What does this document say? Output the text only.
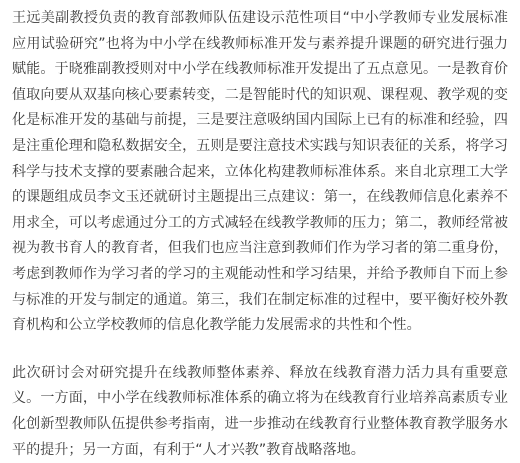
王远美副教授负责的教育部教师队伍建设示范性项目“中小学教师专业发展标准应用试验研究”也将为中小学在线教师标准开发与素养提升课题的研究进行强力赋能。于晓雅副教授则对中小学在线教师标准开发提出了五点意见。一是教育价值取向要从双基向核心要素转变，二是智能时代的知识观、课程观、教学观的变化是标准开发的基础与前提，三是要注意吸纳国内国际上已有的标准和经验，四是注重伦理和隐私数据安全，五则是要注意技术实践与知识表征的关系，将学习科学与技术支撑的要素融合起来，立体化构建教师标准体系。来自北京理工大学的课题组成员李文玉还就研讨主题提出三点建议：第一，在线教师信息化素养不用求全，可以考虑通过分工的方式减轻在线教学教师的压力；第二，教师经常被视为教书育人的教育者，但我们也应当注意到教师们作为学习者的第二重身份，考虑到教师作为学习者的学习的主观能动性和学习结果，并给予教师自下而上参与标准的开发与制定的通道。第三，我们在制定标准的过程中，要平衡好校外教育机构和公立学校教师的信息化教学能力发展需求的共性和个性。

此次研讨会对研究提升在线教师整体素养、释放在线教育潜力活力具有重要意义。一方面，中小学在线教师标准体系的确立将为在线教育行业培养高素质专业化创新型教师队伍提供参考指南，进一步推动在线教育行业整体教育教学服务水平的提升；另一方面，有利于“人才兴教”教育战略落地。
